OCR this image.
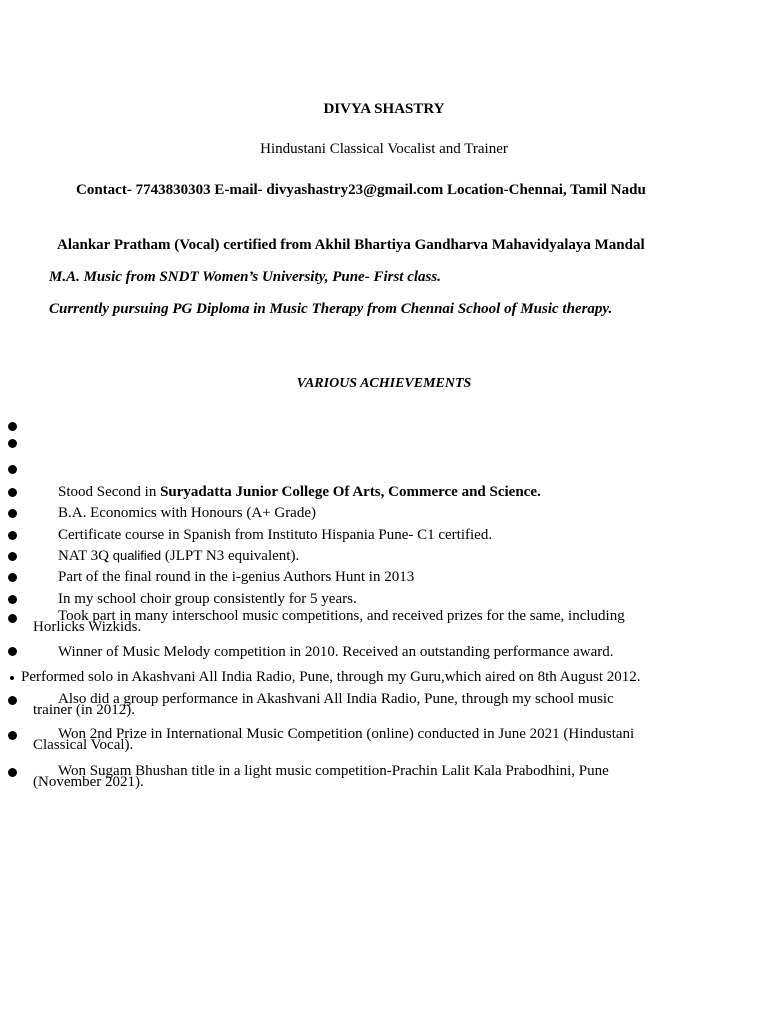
DIVYA SHASTRY
Hindustani Classical Vocalist and Trainer
Contact- 7743830303 E-mail- divyashastry23@gmail.com Location-Chennai, Tamil Nadu
Alankar Pratham (Vocal) certified from Akhil Bhartiya Gandharva Mahavidyalaya Mandal
M.A. Music from SNDT Women’s University, Pune- First class.
Currently pursuing PG Diploma in Music Therapy from Chennai School of Music therapy.
VARIOUS ACHIEVEMENTS
Stood Second in Suryadatta Junior College Of Arts, Commerce and Science.
B.A. Economics with Honours (A+ Grade)
Certificate course in Spanish from Instituto Hispania Pune- C1 certified.
NAT 3Q qualified (JLPT N3 equivalent).
Part of the final round in the i-genius Authors Hunt in 2013
In my school choir group consistently for 5 years.
Took part in many interschool music competitions, and received prizes for the same, including
Horlicks Wizkids.
Winner of Music Melody competition in 2010. Received an outstanding performance award.
Performed solo in Akashvani All India Radio, Pune, through my Guru,which aired on 8th August 2012.
Also did a group performance in Akashvani All India Radio, Pune, through my school music
trainer (in 2012).
Won 2nd Prize in International Music Competition (online) conducted in June 2021 (Hindustani
Classical Vocal).
Won Sugam Bhushan title in a light music competition-Prachin Lalit Kala Prabodhini, Pune
(November 2021).
